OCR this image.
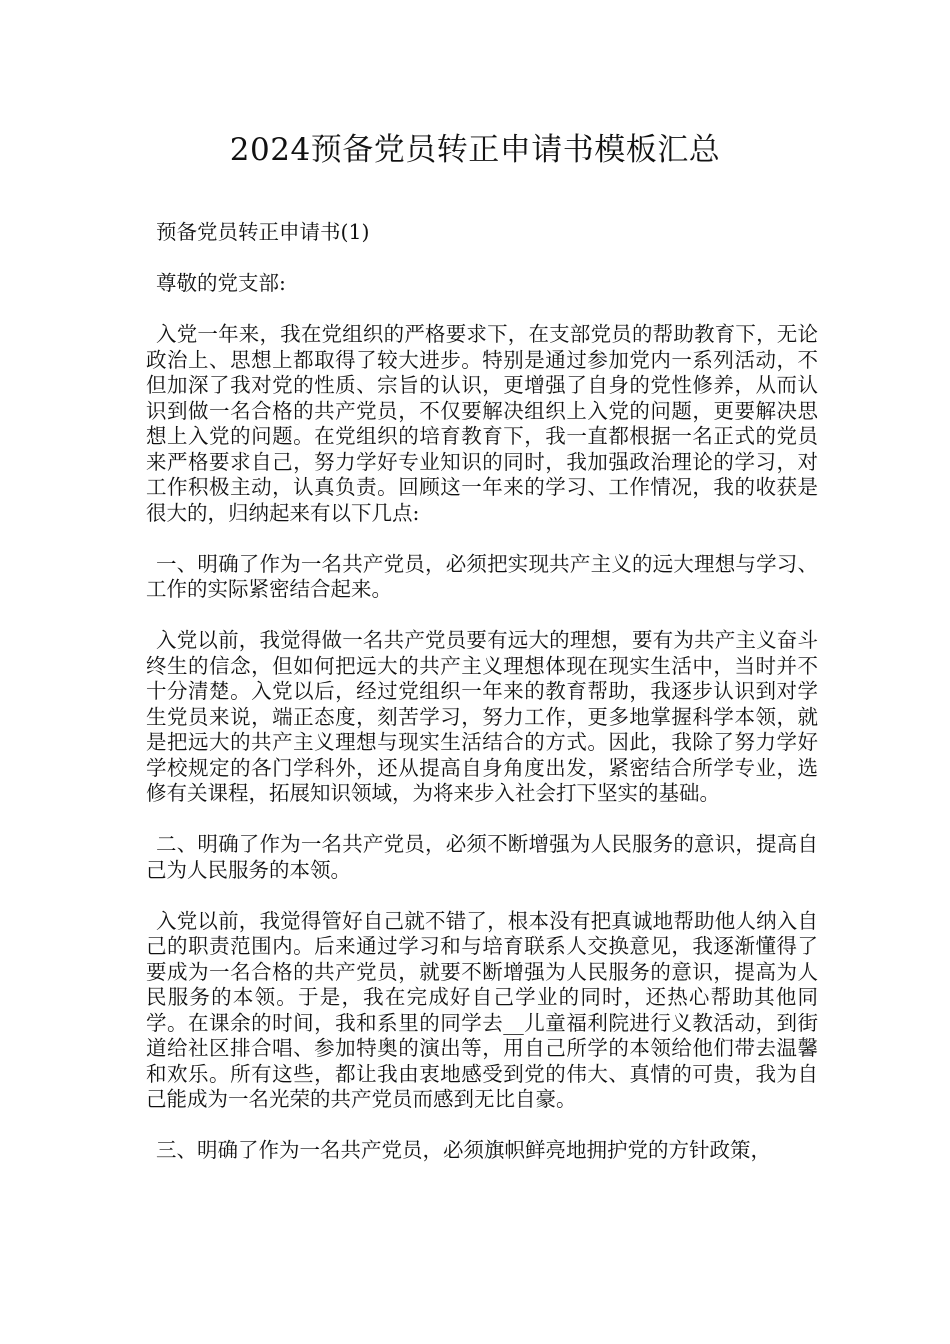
2024预备党员转正申请书模板汇总

预备党员转正申请书(1)

尊敬的党支部:

入党一年来，我在党组织的严格要求下，在支部党员的帮助教育下，无论政治上、思想上都取得了较大进步。特别是通过参加党内一系列活动，不但加深了我对党的性质、宗旨的认识，更增强了自身的党性修养，从而认识到做一名合格的共产党员，不仅要解决组织上入党的问题，更要解决思想上入党的问题。在党组织的培育教育下，我一直都根据一名正式的党员来严格要求自己，努力学好专业知识的同时，我加强政治理论的学习，对工作积极主动，认真负责。回顾这一年来的学习、工作情况，我的收获是很大的，归纳起来有以下几点:

一、明确了作为一名共产党员，必须把实现共产主义的远大理想与学习、工作的实际紧密结合起来。

入党以前，我觉得做一名共产党员要有远大的理想，要有为共产主义奋斗终生的信念，但如何把远大的共产主义理想体现在现实生活中，当时并不十分清楚。入党以后，经过党组织一年来的教育帮助，我逐步认识到对学生党员来说，端正态度，刻苦学习，努力工作，更多地掌握科学本领，就是把远大的共产主义理想与现实生活结合的方式。因此，我除了努力学好学校规定的各门学科外，还从提高自身角度出发，紧密结合所学专业，选修有关课程，拓展知识领域，为将来步入社会打下坚实的基础。

二、明确了作为一名共产党员，必须不断增强为人民服务的意识，提高自己为人民服务的本领。

入党以前，我觉得管好自己就不错了，根本没有把真诚地帮助他人纳入自己的职责范围内。后来通过学习和与培育联系人交换意见，我逐渐懂得了要成为一名合格的共产党员，就要不断增强为人民服务的意识，提高为人民服务的本领。于是，我在完成好自己学业的同时，还热心帮助其他同学。在课余的时间，我和系里的同学去__儿童福利院进行义教活动，到街道给社区排合唱、参加特奥的演出等，用自己所学的本领给他们带去温馨和欢乐。所有这些，都让我由衷地感受到党的伟大、真情的可贵，我为自己能成为一名光荣的共产党员而感到无比自豪。

三、明确了作为一名共产党员，必须旗帜鲜亮地拥护党的方针政策，
